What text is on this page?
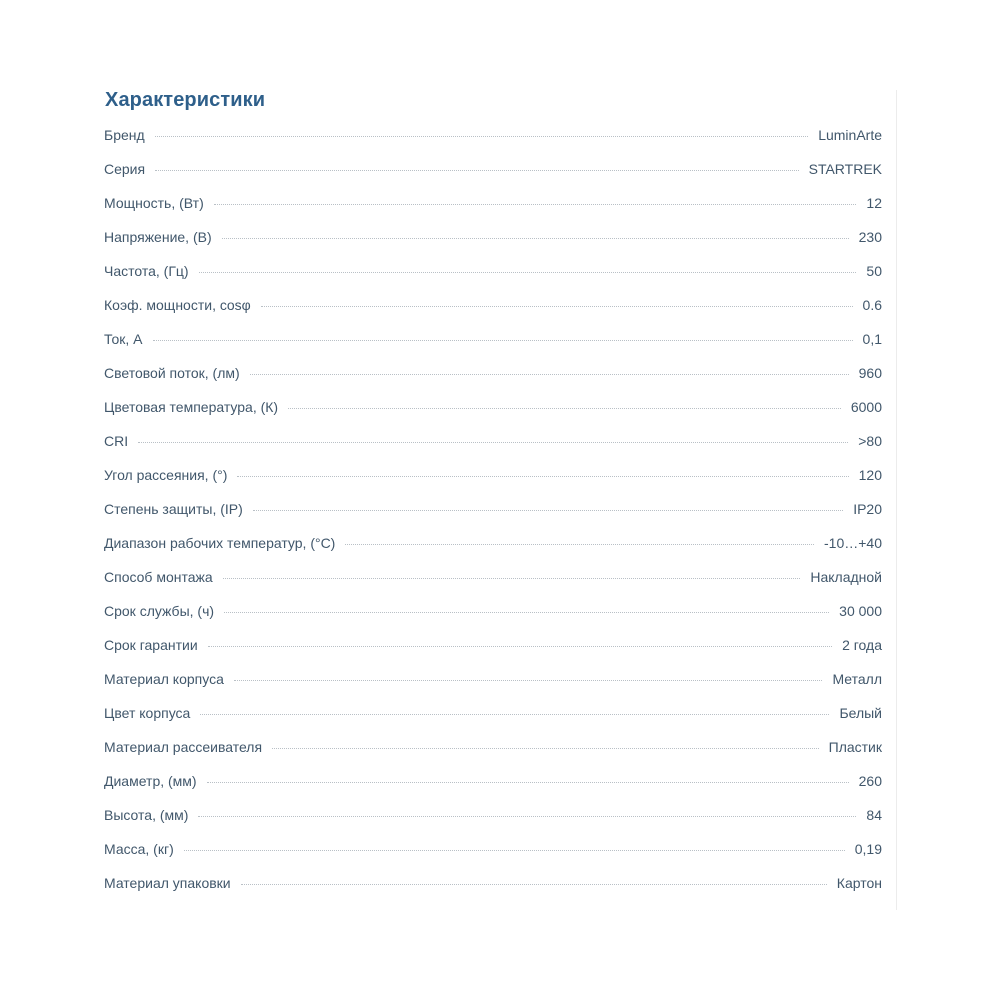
Характеристики
Бренд	LuminArte
Серия	STARTREK
Мощность, (Вт)	12
Напряжение, (В)	230
Частота, (Гц)	50
Коэф. мощности, cosφ	0.6
Ток, А	0,1
Световой поток, (лм)	960
Цветовая температура, (К)	6000
CRI	>80
Угол рассеяния, (°)	120
Степень защиты, (IP)	IP20
Диапазон рабочих температур, (°С)	-10…+40
Способ монтажа	Накладной
Срок службы, (ч)	30 000
Срок гарантии	2 года
Материал корпуса	Металл
Цвет корпуса	Белый
Материал рассеивателя	Пластик
Диаметр, (мм)	260
Высота, (мм)	84
Масса, (кг)	0,19
Материал упаковки	Картон
